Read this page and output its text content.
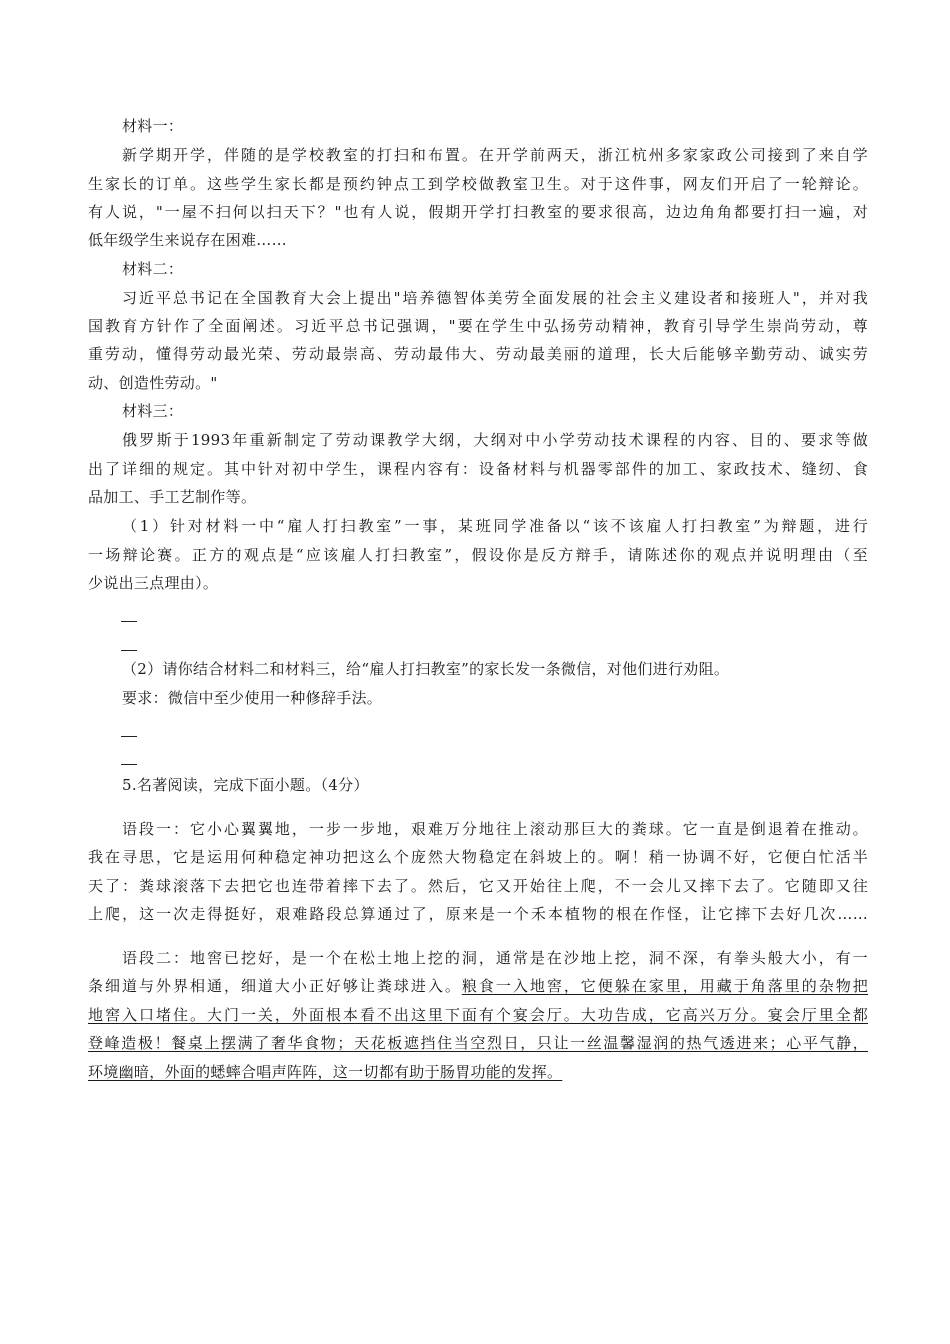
材料一：
新学期开学，伴随的是学校教室的打扫和布置。在开学前两天，浙江杭州多家家政公司接到了来自学
生家长的订单。这些学生家长都是预约钟点工到学校做教室卫生。对于这件事，网友们开启了一轮辩论。
有人说，"一屋不扫何以扫天下？"也有人说，假期开学打扫教室的要求很高，边边角角都要打扫一遍，对
低年级学生来说存在困难……
材料二：
习近平总书记在全国教育大会上提出"培养德智体美劳全面发展的社会主义建设者和接班人"，并对我
国教育方针作了全面阐述。习近平总书记强调，"要在学生中弘扬劳动精神，教育引导学生崇尚劳动，尊
重劳动，懂得劳动最光荣、劳动最崇高、劳动最伟大、劳动最美丽的道理，长大后能够辛勤劳动、诚实劳
动、创造性劳动。"
材料三：
俄罗斯于1993年重新制定了劳动课教学大纲，大纲对中小学劳动技术课程的内容、目的、要求等做
出了详细的规定。其中针对初中学生，课程内容有：设备材料与机器零部件的加工、家政技术、缝纫、食
品加工、手工艺制作等。
（1）针对材料一中“雇人打扫教室”一事，某班同学准备以“该不该雇人打扫教室”为辩题，进行
一场辩论赛。正方的观点是“应该雇人打扫教室”，假设你是反方辩手，请陈述你的观点并说明理由（至
少说出三点理由）。
（2）请你结合材料二和材料三，给“雇人打扫教室”的家长发一条微信，对他们进行劝阻。
要求：微信中至少使用一种修辞手法。
5.名著阅读，完成下面小题。（4分）
语段一：它小心翼翼地，一步一步地，艰难万分地往上滚动那巨大的粪球。它一直是倒退着在推动。
我在寻思，它是运用何种稳定神功把这么个庞然大物稳定在斜坡上的。啊！稍一协调不好，它便白忙活半
天了：粪球滚落下去把它也连带着摔下去了。然后，它又开始往上爬，不一会儿又摔下去了。它随即又往
上爬，这一次走得挺好，艰难路段总算通过了，原来是一个禾本植物的根在作怪，让它摔下去好几次……
语段二：地窖已挖好，是一个在松土地上挖的洞，通常是在沙地上挖，洞不深，有拳头般大小，有一
条细道与外界相通，细道大小正好够让粪球进入。粮食一入地窖，它便躲在家里，用藏于角落里的杂物把
地窖入口堵住。大门一关，外面根本看不出这里下面有个宴会厅。大功告成，它高兴万分。宴会厅里全都
登峰造极！餐桌上摆满了奢华食物；天花板遮挡住当空烈日，只让一丝温馨湿润的热气透进来；心平气静，
环境幽暗，外面的蟋蟀合唱声阵阵，这一切都有助于肠胃功能的发挥。
